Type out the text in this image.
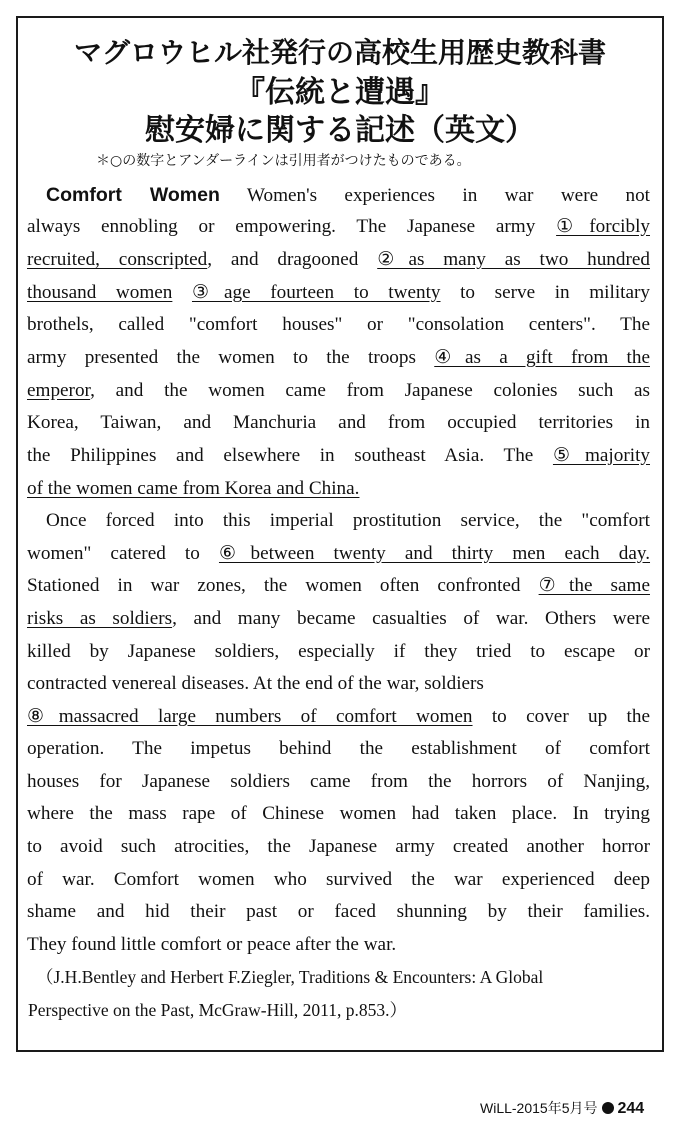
マグロウヒル社発行の高校生用歴史教科書
『伝統と遭遇』
慰安婦に関する記述（英文）
＊○の数字とアンダーラインは引用者がつけたものである。
Comfort Women Women's experiences in war were not
always ennobling or empowering. The Japanese army ①forcibly
recruited, conscripted, and dragooned ②as many as two hundred
thousand women ③age fourteen to twenty to serve in military
brothels, called "comfort houses" or "consolation centers". The
army presented the women to the troops ④as a gift from the
emperor, and the women came from Japanese colonies such as
Korea, Taiwan, and Manchuria and from occupied territories in
the Philippines and elsewhere in southeast Asia. The ⑤majority
of the women came from Korea and China.
Once forced into this imperial prostitution service, the "comfort
women" catered to ⑥between twenty and thirty men each day.
Stationed in war zones, the women often confronted ⑦the same
risks as soldiers, and many became casualties of war. Others were
killed by Japanese soldiers, especially if they tried to escape or
contracted venereal diseases. At the end of the war, soldiers
⑧massacred large numbers of comfort women to cover up the
operation. The impetus behind the establishment of comfort
houses for Japanese soldiers came from the horrors of Nanjing,
where the mass rape of Chinese women had taken place. In trying
to avoid such atrocities, the Japanese army created another horror
of war. Comfort women who survived the war experienced deep
shame and hid their past or faced shunning by their families.
They found little comfort or peace after the war.
（J.H.Bentley and Herbert F.Ziegler, Traditions & Encounters: A Global
Perspective on the Past, McGraw-Hill, 2011, p.853.）
WiLL-2015年5月号 244
